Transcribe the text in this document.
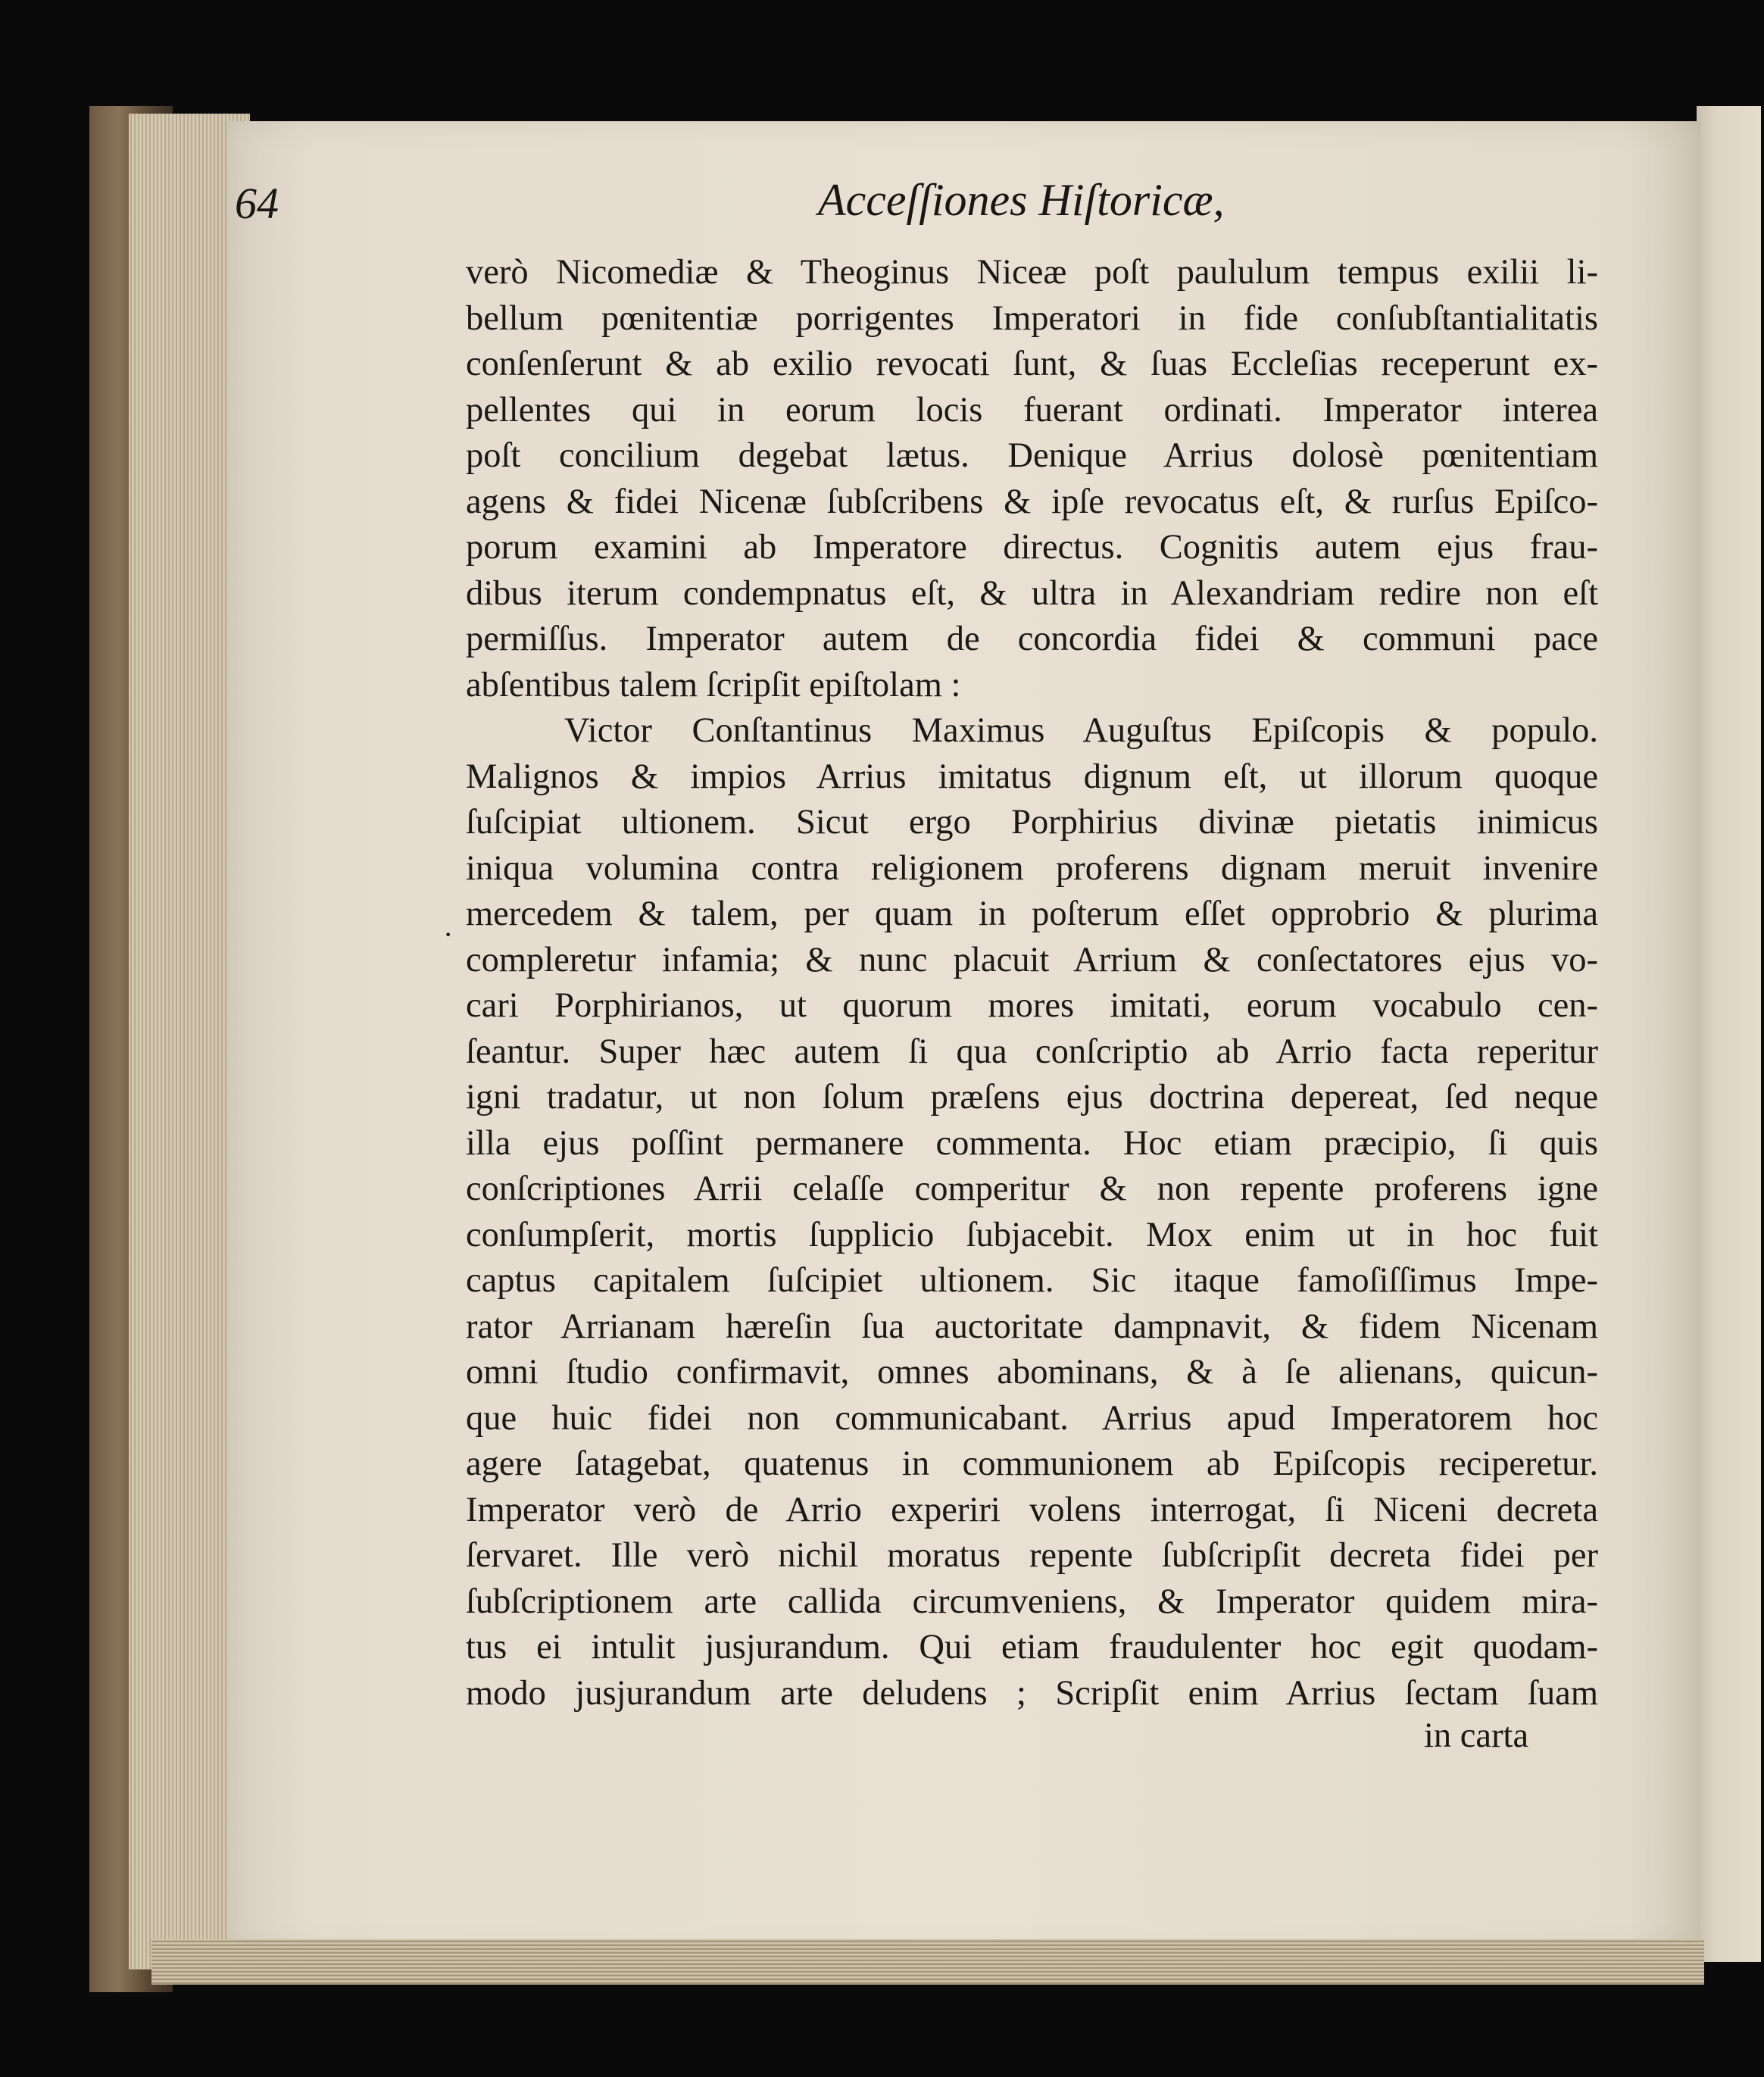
64	Acceſſiones Hiſtoricæ,
·
verò Nicomediæ & Theoginus Niceæ poſt paululum tempus exilii li-
bellum pœnitentiæ porrigentes Imperatori in fide conſubſtantialitatis
conſenſerunt & ab exilio revocati ſunt, & ſuas Eccleſias receperunt ex-
pellentes qui in eorum locis fuerant ordinati. Imperator interea
poſt concilium degebat lætus. Denique Arrius dolosè pœnitentiam
agens & fidei Nicenæ ſubſcribens & ipſe revocatus eſt, & rurſus Epiſco-
porum examini ab Imperatore directus. Cognitis autem ejus frau-
dibus iterum condempnatus eſt, & ultra in Alexandriam redire non eſt
permiſſus. Imperator autem de concordia fidei & communi pace
abſentibus talem ſcripſit epiſtolam :
Victor Conſtantinus Maximus Auguſtus Epiſcopis & populo.
Malignos & impios Arrius imitatus dignum eſt, ut illorum quoque
ſuſcipiat ultionem. Sicut ergo Porphirius divinæ pietatis inimicus
iniqua volumina contra religionem proferens dignam meruit invenire
mercedem & talem, per quam in poſterum eſſet opprobrio & plurima
compleretur infamia; & nunc placuit Arrium & conſectatores ejus vo-
cari Porphirianos, ut quorum mores imitati, eorum vocabulo cen-
ſeantur. Super hæc autem ſi qua conſcriptio ab Arrio facta reperitur
igni tradatur, ut non ſolum præſens ejus doctrina depereat, ſed neque
illa ejus poſſint permanere commenta. Hoc etiam præcipio, ſi quis
conſcriptiones Arrii celaſſe comperitur & non repente proferens igne
conſumpſerit, mortis ſupplicio ſubjacebit. Mox enim ut in hoc fuit
captus capitalem ſuſcipiet ultionem. Sic itaque famoſiſſimus Impe-
rator Arrianam hæreſin ſua auctoritate dampnavit, & fidem Nicenam
omni ſtudio confirmavit, omnes abominans, & à ſe alienans, quicun-
que huic fidei non communicabant. Arrius apud Imperatorem hoc
agere ſatagebat, quatenus in communionem ab Epiſcopis reciperetur.
Imperator verò de Arrio experiri volens interrogat, ſi Niceni decreta
ſervaret. Ille verò nichil moratus repente ſubſcripſit decreta fidei per
ſubſcriptionem arte callida circumveniens, & Imperator quidem mira-
tus ei intulit jusjurandum. Qui etiam fraudulenter hoc egit quodam-
modo jusjurandum arte deludens ; Scripſit enim Arrius ſectam ſuam
in carta
